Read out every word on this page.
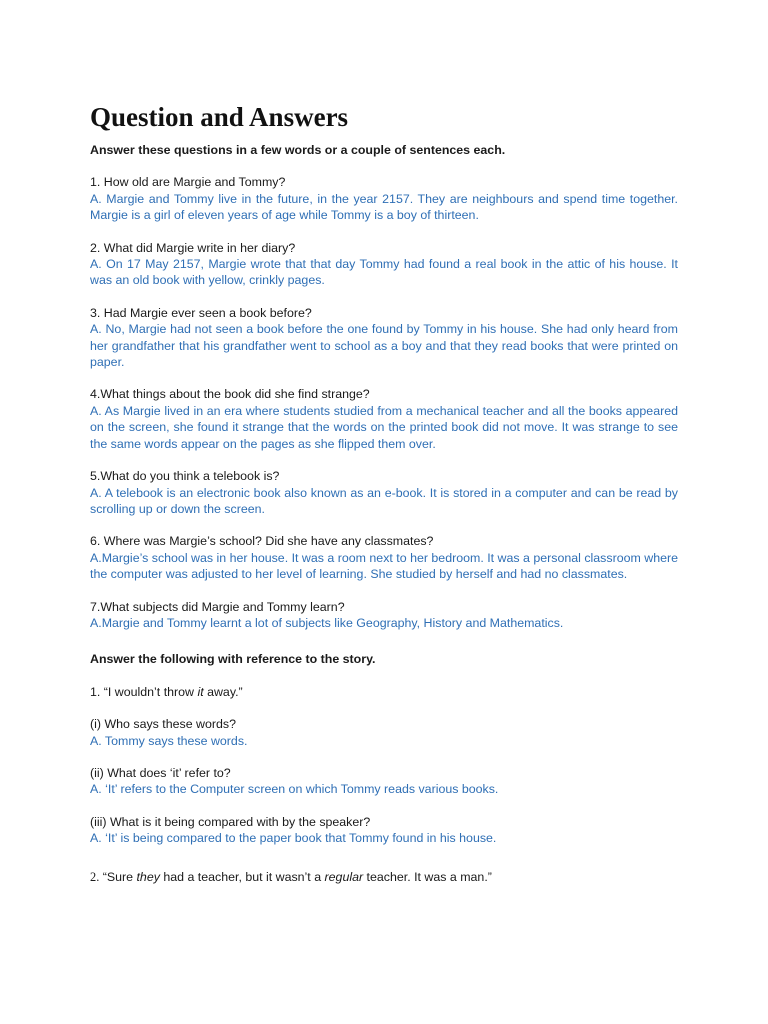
Question and Answers

Answer these questions in a few words or a couple of sentences each.

1. How old are Margie and Tommy?

A. Margie and Tommy live in the future, in the year 2157. They are neighbours and spend time together. Margie is a girl of eleven years of age while Tommy is a boy of thirteen.

2. What did Margie write in her diary?

A. On 17 May 2157, Margie wrote that that day Tommy had found a real book in the attic of his house. It was an old book with yellow, crinkly pages.

3. Had Margie ever seen a book before?

A. No, Margie had not seen a book before the one found by Tommy in his house. She had only heard from her grandfather that his grandfather went to school as a boy and that they read books that were printed on paper.

4.What things about the book did she find strange?

A. As Margie lived in an era where students studied from a mechanical teacher and all the books appeared on the screen, she found it strange that the words on the printed book did not move. It was strange to see the same words appear on the pages as she flipped them over.

5.What do you think a telebook is?

A. A telebook is an electronic book also known as an e-book. It is stored in a computer and can be read by scrolling up or down the screen.

6. Where was Margie’s school? Did she have any classmates?

A.Margie’s school was in her house. It was a room next to her bedroom. It was a personal classroom where the computer was adjusted to her level of learning. She studied by herself and had no classmates.

7.What subjects did Margie and Tommy learn?

A.Margie and Tommy learnt a lot of subjects like Geography, History and Mathematics.

Answer the following with reference to the story.

1. “I wouldn’t throw it away.”

(i) Who says these words?

A. Tommy says these words.

(ii) What does ‘it’ refer to?

A. ‘It’ refers to the Computer screen on which Tommy reads various books.

(iii) What is it being compared with by the speaker?

A. ‘It’ is being compared to the paper book that Tommy found in his house.

2. “Sure they had a teacher, but it wasn’t a regular teacher. It was a man.”
